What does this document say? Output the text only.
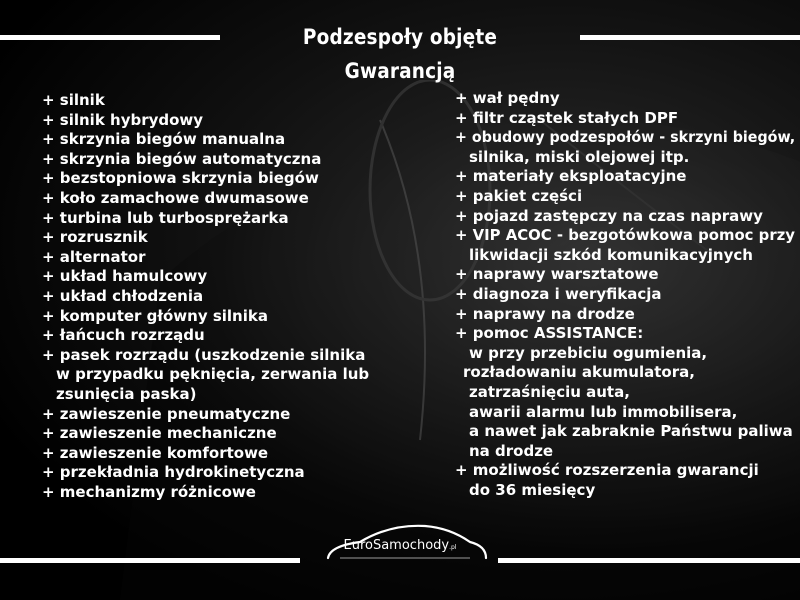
Podzespoły objęte Gwarancją
+ silnik
+ silnik hybrydowy
+ skrzynia biegów manualna
+ skrzynia biegów automatyczna
+ bezstopniowa skrzynia biegów
+ koło zamachowe dwumasowe
+ turbina lub turbosprężarka
+ rozrusznik
+ alternator
+ układ hamulcowy
+ układ chłodzenia
+ komputer główny silnika
+ łańcuch rozrządu
+ pasek rozrządu (uszkodzenie silnika
w przypadku pęknięcia, zerwania lub
zsunięcia paska)
+ zawieszenie pneumatyczne
+ zawieszenie mechaniczne
+ zawieszenie komfortowe
+ przekładnia hydrokinetyczna
+ mechanizmy różnicowe
+ wał pędny
+ filtr cząstek stałych DPF
+ obudowy podzespołów - skrzyni biegów,
silnika, miski olejowej itp.
+ materiały eksploatacyjne
+ pakiet części
+ pojazd zastępczy na czas naprawy
+ VIP ACOC - bezgotówkowa pomoc przy
likwidacji szkód komunikacyjnych
+ naprawy warsztatowe
+ diagnoza i weryfikacja
+ naprawy na drodze
+ pomoc ASSISTANCE:
w przy przebiciu ogumienia,
rozładowaniu akumulatora,
zatrzaśnięciu auta,
awarii alarmu lub immobilisera,
a nawet jak zabraknie Państwu paliwa
na drodze
+ możliwość rozszerzenia gwarancji
do 36 miesięcy
EuroSamochody.pl
